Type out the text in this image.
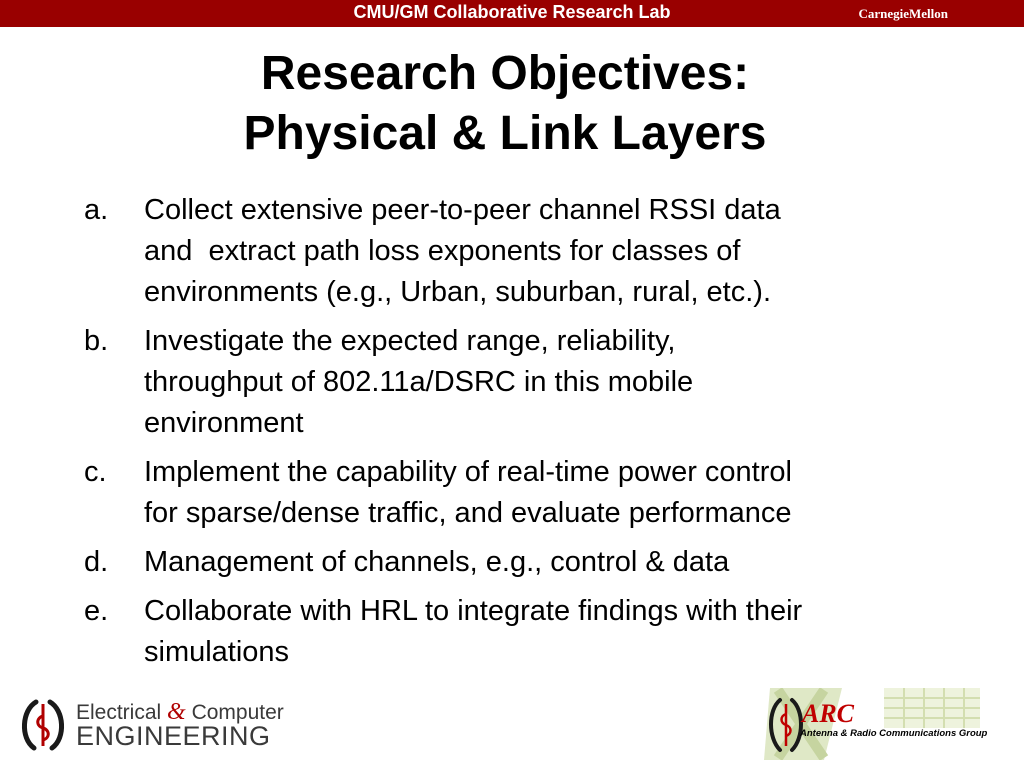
CMU/GM Collaborative Research Lab	CarnegieMellon
Research Objectives:
Physical & Link Layers
a. Collect extensive peer-to-peer channel RSSI data
and  extract path loss exponents for classes of
environments (e.g., Urban, suburban, rural, etc.).
b. Investigate the expected range, reliability,
throughput of 802.11a/DSRC in this mobile
environment
c. Implement the capability of real-time power control
for sparse/dense traffic, and evaluate performance
d. Management of channels, e.g., control & data
e. Collaborate with HRL to integrate findings with their
simulations
Electrical & Computer
ENGINEERING
ARC
Antenna & Radio Communications Group
